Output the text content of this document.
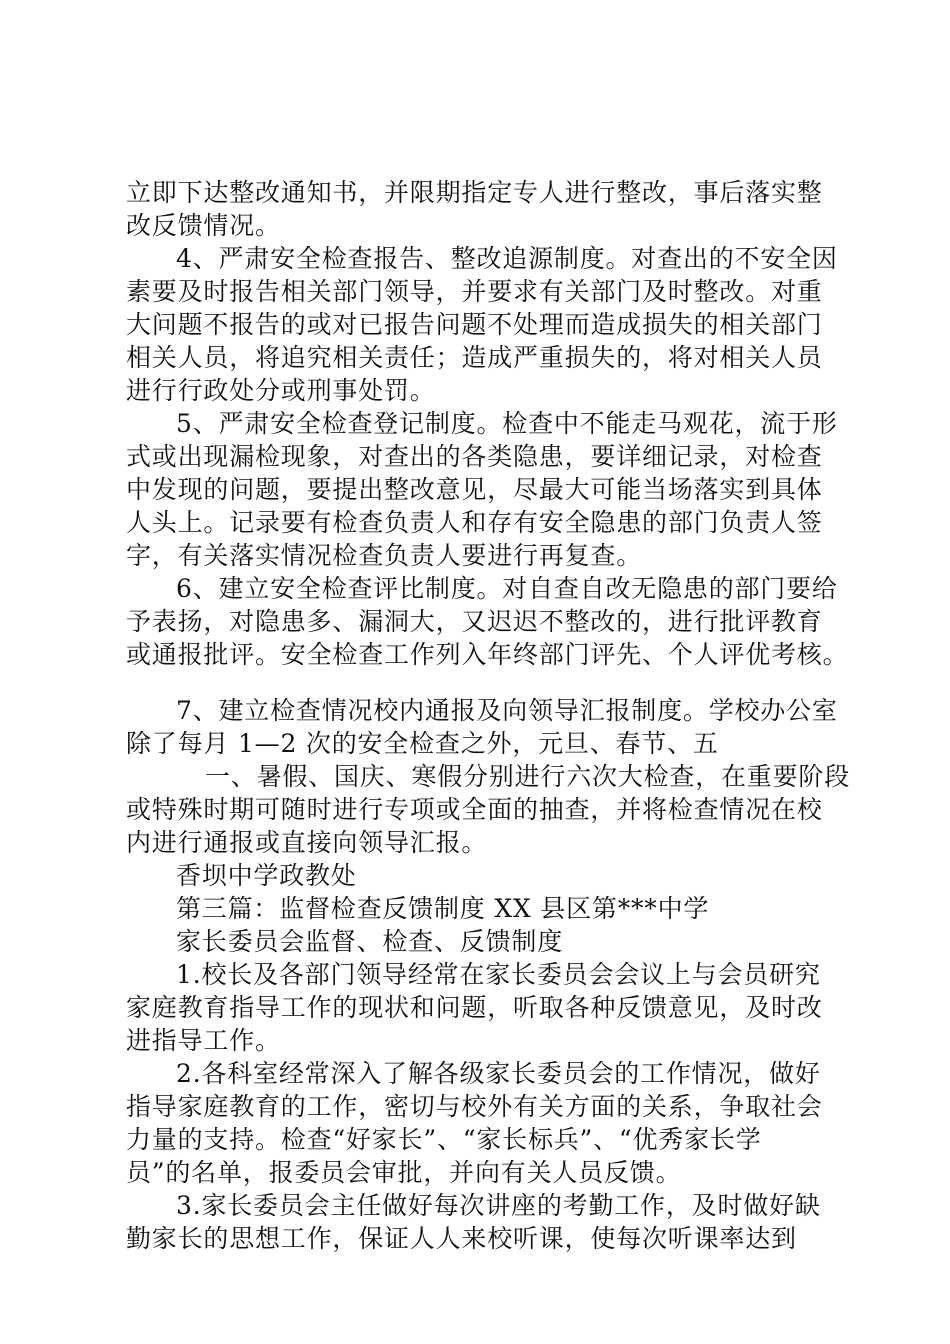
立即下达整改通知书，并限期指定专人进行整改，事后落实整
改反馈情况。
4、严肃安全检查报告、整改追源制度。对查出的不安全因
素要及时报告相关部门领导，并要求有关部门及时整改。对重
大问题不报告的或对已报告问题不处理而造成损失的相关部门
相关人员，将追究相关责任；造成严重损失的，将对相关人员
进行行政处分或刑事处罚。
5、严肃安全检查登记制度。检查中不能走马观花，流于形
式或出现漏检现象，对查出的各类隐患，要详细记录，对检查
中发现的问题，要提出整改意见，尽最大可能当场落实到具体
人头上。记录要有检查负责人和存有安全隐患的部门负责人签
字，有关落实情况检查负责人要进行再复查。
6、建立安全检查评比制度。对自查自改无隐患的部门要给
予表扬，对隐患多、漏洞大，又迟迟不整改的，进行批评教育
或通报批评。安全检查工作列入年终部门评先、个人评优考核。
7、建立检查情况校内通报及向领导汇报制度。学校办公室
除了每月 1—2 次的安全检查之外，元旦、春节、五
一、暑假、国庆、寒假分别进行六次大检查，在重要阶段
或特殊时期可随时进行专项或全面的抽查，并将检查情况在校
内进行通报或直接向领导汇报。
香坝中学政教处
第三篇：监督检查反馈制度 XX 县区第***中学
家长委员会监督、检查、反馈制度
1.校长及各部门领导经常在家长委员会会议上与会员研究
家庭教育指导工作的现状和问题，听取各种反馈意见，及时改
进指导工作。
2.各科室经常深入了解各级家长委员会的工作情况，做好
指导家庭教育的工作，密切与校外有关方面的关系，争取社会
力量的支持。检查“好家长”、“家长标兵”、“优秀家长学
员”的名单，报委员会审批，并向有关人员反馈。
3.家长委员会主任做好每次讲座的考勤工作，及时做好缺
勤家长的思想工作，保证人人来校听课，使每次听课率达到
